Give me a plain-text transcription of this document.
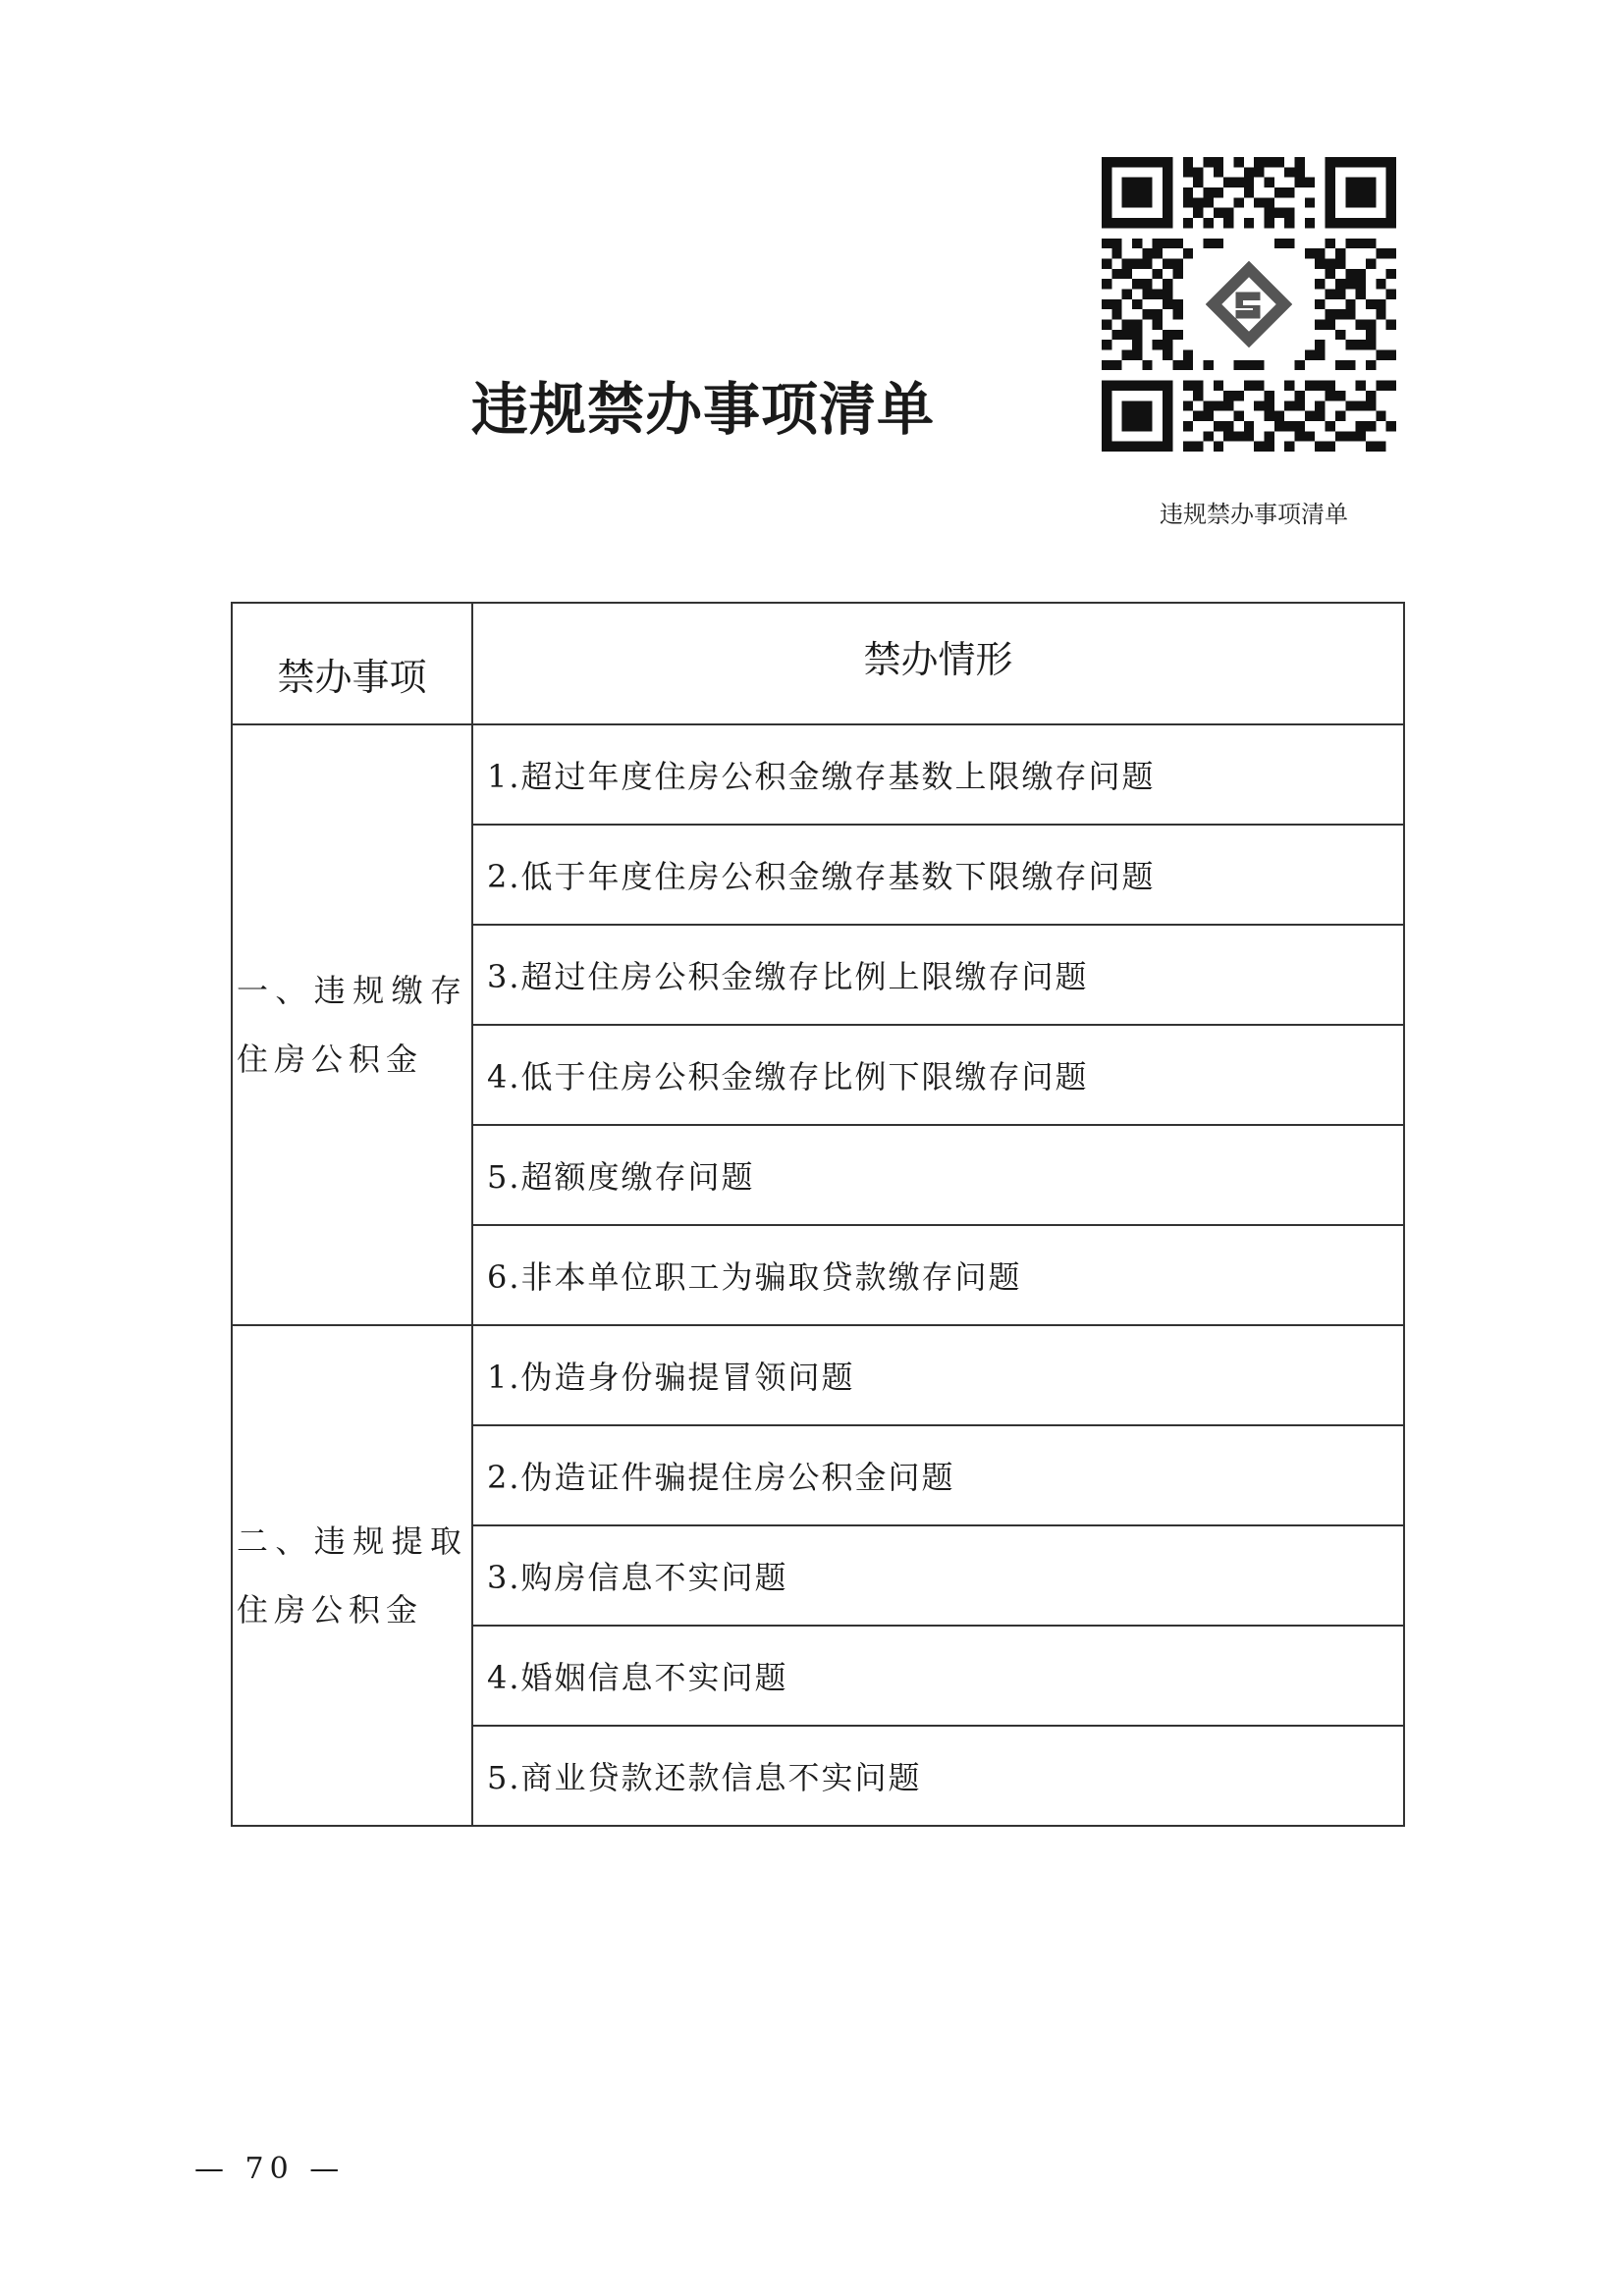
违规禁办事项清单
违规禁办事项清单
禁办事项	禁办情形
一、违规缴存住房公积金	1.超过年度住房公积金缴存基数上限缴存问题
	2.低于年度住房公积金缴存基数下限缴存问题
	3.超过住房公积金缴存比例上限缴存问题
	4.低于住房公积金缴存比例下限缴存问题
	5.超额度缴存问题
	6.非本单位职工为骗取贷款缴存问题
二、违规提取住房公积金	1.伪造身份骗提冒领问题
	2.伪造证件骗提住房公积金问题
	3.购房信息不实问题
	4.婚姻信息不实问题
	5.商业贷款还款信息不实问题
— 70 —
